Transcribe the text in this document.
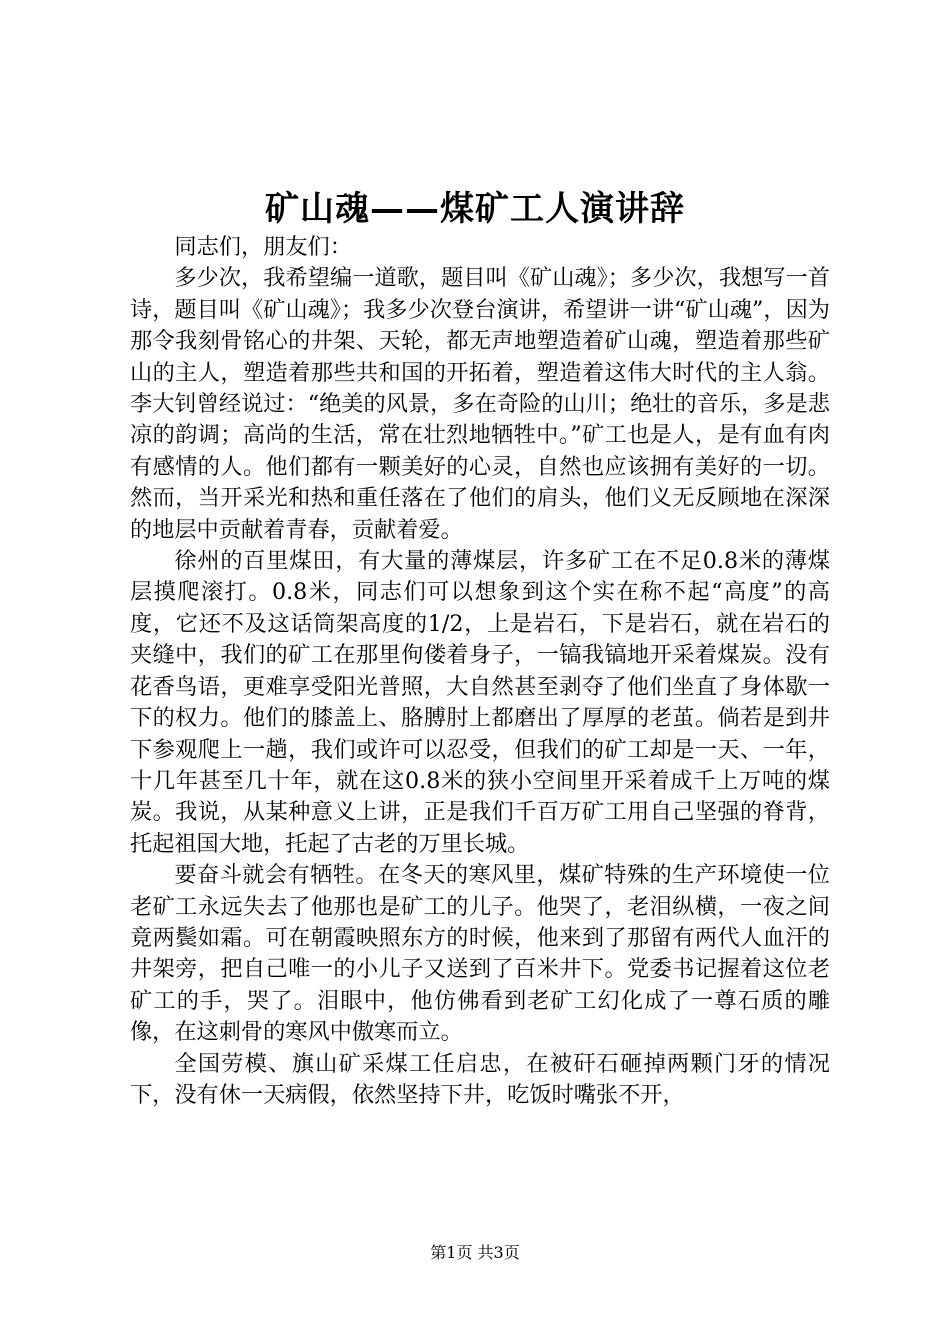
矿山魂——煤矿工人演讲辞

同志们，朋友们：

多少次，我希望编一道歌，题目叫《矿山魂》；多少次，我想写一首诗，题目叫《矿山魂》；我多少次登台演讲，希望讲一讲“矿山魂”，因为那令我刻骨铭心的井架、天轮，都无声地塑造着矿山魂，塑造着那些矿山的主人，塑造着那些共和国的开拓着，塑造着这伟大时代的主人翁。李大钊曾经说过：“绝美的风景，多在奇险的山川；绝壮的音乐，多是悲凉的韵调；高尚的生活，常在壮烈地牺牲中。”矿工也是人，是有血有肉有感情的人。他们都有一颗美好的心灵，自然也应该拥有美好的一切。然而，当开采光和热和重任落在了他们的肩头，他们义无反顾地在深深的地层中贡献着青春，贡献着爱。

徐州的百里煤田，有大量的薄煤层，许多矿工在不足0.8米的薄煤层摸爬滚打。0.8米，同志们可以想象到这个实在称不起“高度”的高度，它还不及这话筒架高度的1/2，上是岩石，下是岩石，就在岩石的夹缝中，我们的矿工在那里佝偻着身子，一镐我镐地开采着煤炭。没有花香鸟语，更难享受阳光普照，大自然甚至剥夺了他们坐直了身体歇一下的权力。他们的膝盖上、胳膊肘上都磨出了厚厚的老茧。倘若是到井下参观爬上一趟，我们或许可以忍受，但我们的矿工却是一天、一年，十几年甚至几十年，就在这0.8米的狭小空间里开采着成千上万吨的煤炭。我说，从某种意义上讲，正是我们千百万矿工用自己坚强的脊背，托起祖国大地，托起了古老的万里长城。

要奋斗就会有牺牲。在冬天的寒风里，煤矿特殊的生产环境使一位老矿工永远失去了他那也是矿工的儿子。他哭了，老泪纵横，一夜之间竟两鬓如霜。可在朝霞映照东方的时候，他来到了那留有两代人血汗的井架旁，把自己唯一的小儿子又送到了百米井下。党委书记握着这位老矿工的手，哭了。泪眼中，他仿佛看到老矿工幻化成了一尊石质的雕像，在这刺骨的寒风中傲寒而立。

全国劳模、旗山矿采煤工任启忠，在被矸石砸掉两颗门牙的情况下，没有休一天病假，依然坚持下井，吃饭时嘴张不开，

第1页 共3页
